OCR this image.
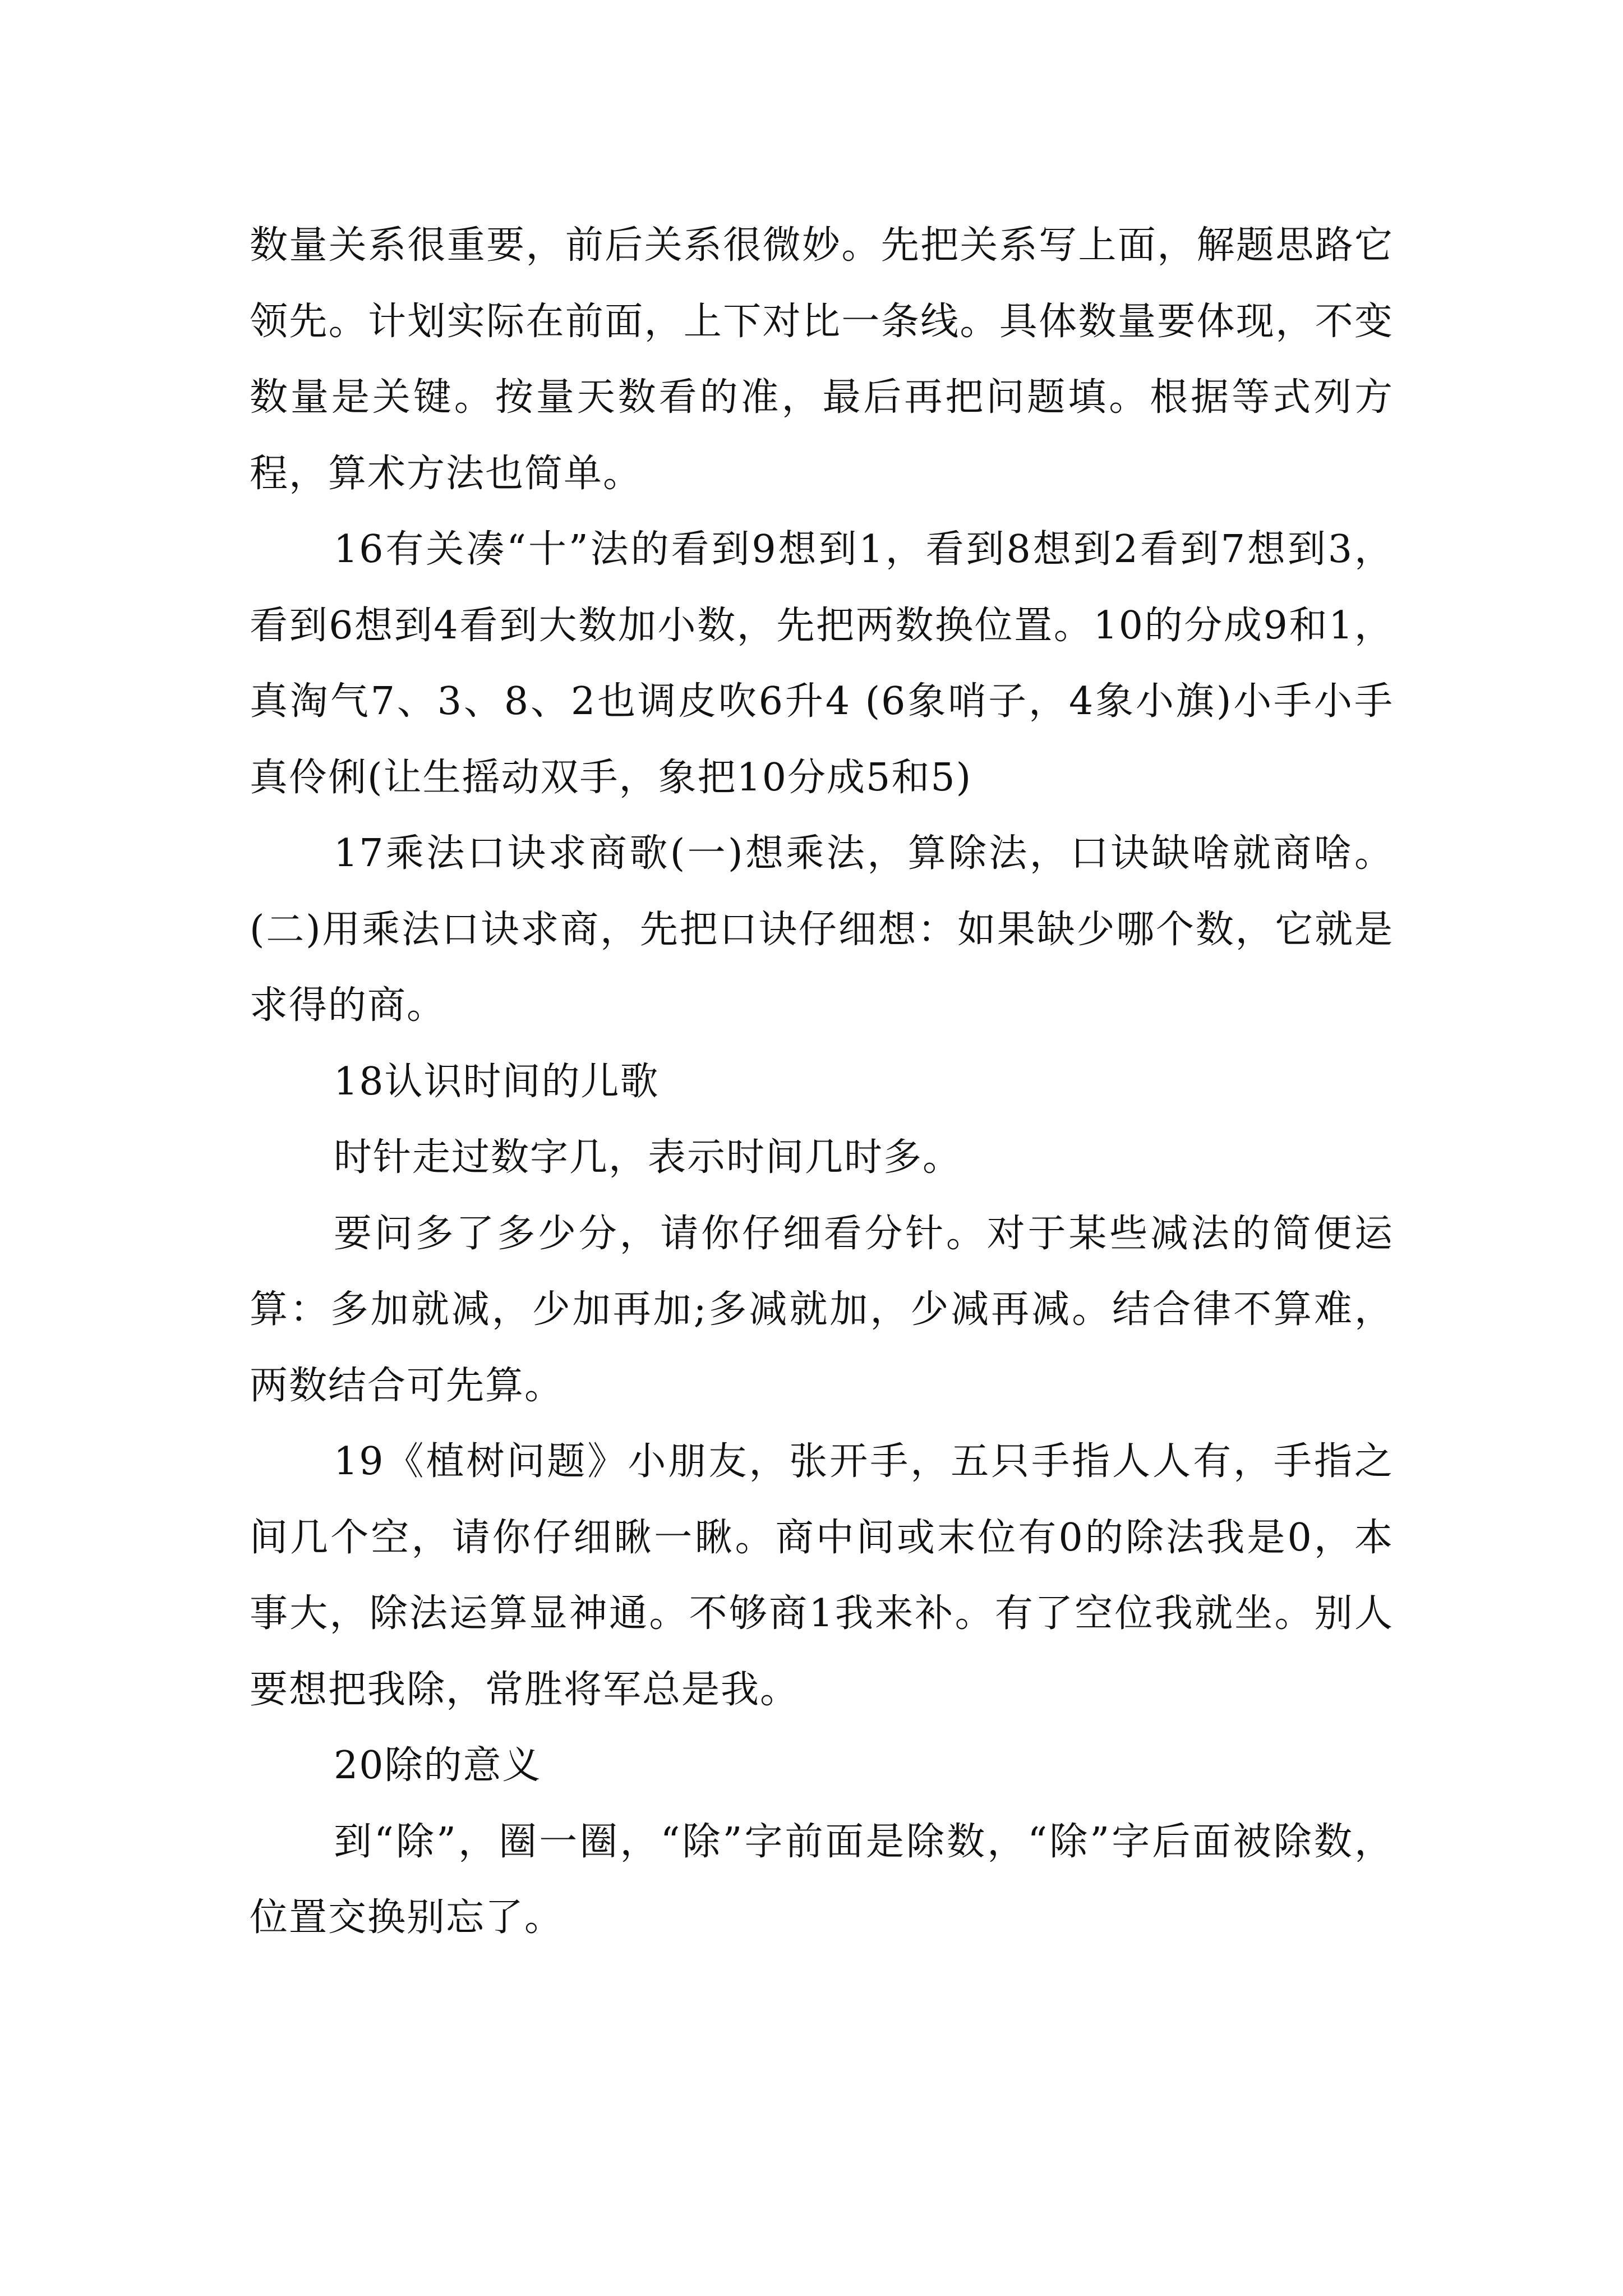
数量关系很重要，前后关系很微妙。先把关系写上面，解题思路它领先。计划实际在前面，上下对比一条线。具体数量要体现，不变数量是关键。按量天数看的准，最后再把问题填。根据等式列方程，算术方法也简单。

16有关凑“十”法的看到9想到1，看到8想到2看到7想到3，看到6想到4看到大数加小数，先把两数换位置。10的分成9和1，真淘气7、3、8、2也调皮吹6升4 (6象哨子，4象小旗)小手小手真伶俐(让生摇动双手，象把10分成5和5)

17乘法口诀求商歌(一)想乘法，算除法，口诀缺啥就商啥。(二)用乘法口诀求商，先把口诀仔细想：如果缺少哪个数，它就是求得的商。

18认识时间的儿歌

时针走过数字几，表示时间几时多。

要问多了多少分，请你仔细看分针。对于某些减法的简便运算：多加就减，少加再加;多减就加，少减再减。结合律不算难，两数结合可先算。

19《植树问题》小朋友，张开手，五只手指人人有，手指之间几个空，请你仔细瞅一瞅。商中间或末位有0的除法我是0，本事大，除法运算显神通。不够商1我来补。有了空位我就坐。别人要想把我除，常胜将军总是我。

20除的意义

到“除”，圈一圈，“除”字前面是除数，“除”字后面被除数，位置交换别忘了。
